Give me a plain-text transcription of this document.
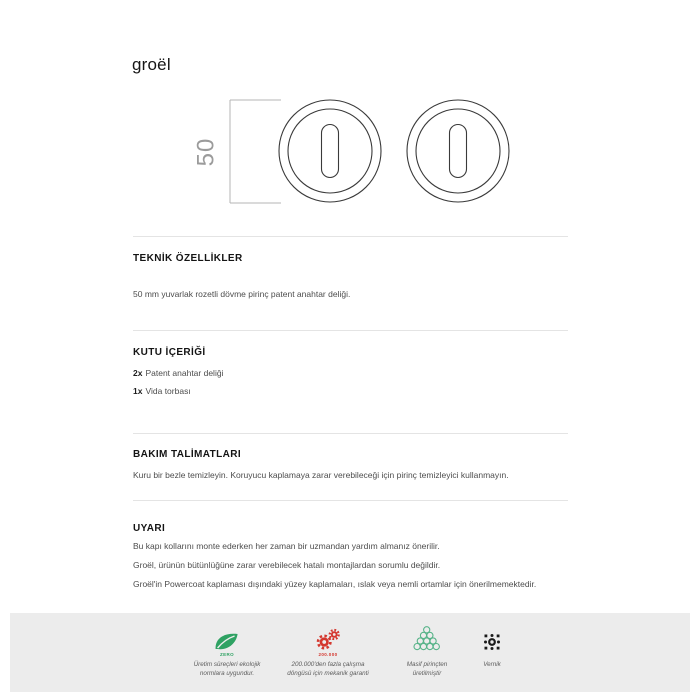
groël
50
TEKNİK ÖZELLİKLER
50 mm yuvarlak rozetli dövme pirinç patent anahtar deliği.
KUTU İÇERİĞİ
2x Patent anahtar deliği
1x Vida torbası
BAKIM TALİMATLARI
Kuru bir bezle temizleyin. Koruyucu kaplamaya zarar verebileceği için pirinç temizleyici kullanmayın.
UYARI

Bu kapı kollarını monte ederken her zaman bir uzmandan yardım almanız önerilir.

Groël, ürünün bütünlüğüne zarar verebilecek hatalı montajlardan sorumlu değildir.

Groël'in Powercoat kaplaması dışındaki yüzey kaplamaları, ıslak veya nemli ortamlar için önerilmemektedir.

ZERO
Üretim süreçleri ekolojik
normlara uygundur.
200.000
200.000'den fazla çalışma
döngüsü için mekanik garanti
Masif pirinçten
üretilmiştir
Vernik
